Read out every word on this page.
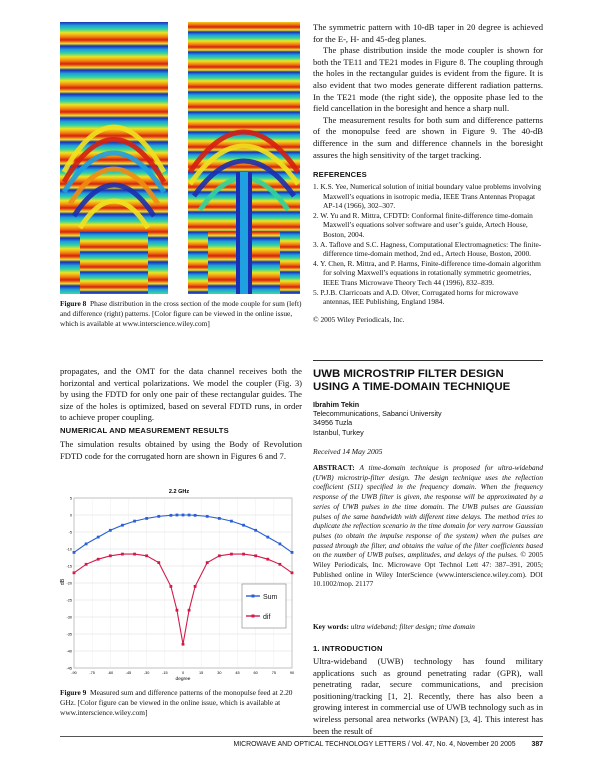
Figure 8 Phase distribution in the cross section of the mode couple for sum (left) and difference (right) patterns. [Color figure can be viewed in the online issue, which is available at www.interscience.wiley.com]

propagates, and the OMT for the data channel receives both the horizontal and vertical polarizations. We model the coupler (Fig. 3) by using the FDTD for only one pair of these rectangular guides. The size of the holes is optimized, based on several FDTD runs, in order to achieve proper coupling.

NUMERICAL AND MEASUREMENT RESULTS

The simulation results obtained by using the Body of Revolution FDTD code for the corrugated horn are shown in Figures 6 and 7.

2.2 GHz
5
0
-5
-10
-15
-20
-25
-30
-35
-40
-45
-90	-75	-60	-45	-30	-15	0	15	30	45	60	75	90
dB
degree
Sum
dif
Figure 9 Measured sum and difference patterns of the monopulse feed at 2.20 GHz. [Color figure can be viewed in the online issue, which is available at www.interscience.wiley.com]

The symmetric pattern with 10-dB taper in 20 degree is achieved for the E-, H- and 45-deg planes.

The phase distribution inside the mode coupler is shown for both the TE11 and TE21 modes in Figure 8. The coupling through the holes in the rectangular guides is evident from the figure. It is also evident that two modes generate different radiation patterns. In the TE21 mode (the right side), the opposite phase led to the field cancellation in the boresight and hence a sharp null.

The measurement results for both sum and difference patterns of the monopulse feed are shown in Figure 9. The 40-dB difference in the sum and difference channels in the boresight assures the high sensitivity of the target tracking.

REFERENCES

1. K.S. Yee, Numerical solution of initial boundary value problems involving Maxwell’s equations in isotropic media, IEEE Trans Antennas Propagat AP-14 (1966), 302–307.

2. W. Yu and R. Mittra, CFDTD: Conformal finite-difference time-domain Maxwell’s equations solver software and user’s guide, Artech House, Boston, 2004.

3. A. Taflove and S.C. Hagness, Computational Electromagnetics: The finite-difference time-domain method, 2nd ed., Artech House, Boston, 2000.

4. Y. Chen, R. Mittra, and P. Harms, Finite-difference time-domain algorithm for solving Maxwell’s equations in rotationally symmetric geometries, IEEE Trans Microwave Theory Tech 44 (1996), 832–839.

5. P.J.B. Clarricoats and A.D. Olver, Corrugated horns for microwave antennas, IEE Publishing, England 1984.

© 2005 Wiley Periodicals, Inc.

UWB MICROSTRIP FILTER DESIGN
USING A TIME-DOMAIN TECHNIQUE
Ibrahim Tekin
Telecommunications, Sabanci University
34956 Tuzla
Istanbul, Turkey
Received 14 May 2005
ABSTRACT: A time-domain technique is proposed for ultra-wideband (UWB) microstrip-filter design. The design technique uses the reflection coefficient (S11) specified in the frequency domain. When the frequency response of the UWB filter is given, the response will be approximated by a series of UWB pulses in the time domain. The UWB pulses are Gaussian pulses of the same bandwidth with different time delays. The method tries to duplicate the reflection scenario in the time domain for very narrow Gaussian pulses (to obtain the impulse response of the system) when the pulses are passed through the filter, and obtains the value of the filter coefficients based on the number of UWB pulses, amplitudes, and delays of the pulses. © 2005 Wiley Periodicals, Inc. Microwave Opt Technol Lett 47: 387–391, 2005; Published online in Wiley InterScience (www.interscience.wiley.com). DOI 10.1002/mop. 21177
Key words: ultra wideband; filter design; time domain
1. INTRODUCTION

Ultra-wideband (UWB) technology has found military applications such as ground penetrating radar (GPR), wall penetrating radar, secure communications, and precision positioning/tracking [1, 2]. Recently, there has also been a growing interest in commercial use of UWB technology such as in wireless personal area networks (WPAN) [3, 4]. This interest has been the result of

MICROWAVE AND OPTICAL TECHNOLOGY LETTERS / Vol. 47, No. 4, November 20 2005 387
